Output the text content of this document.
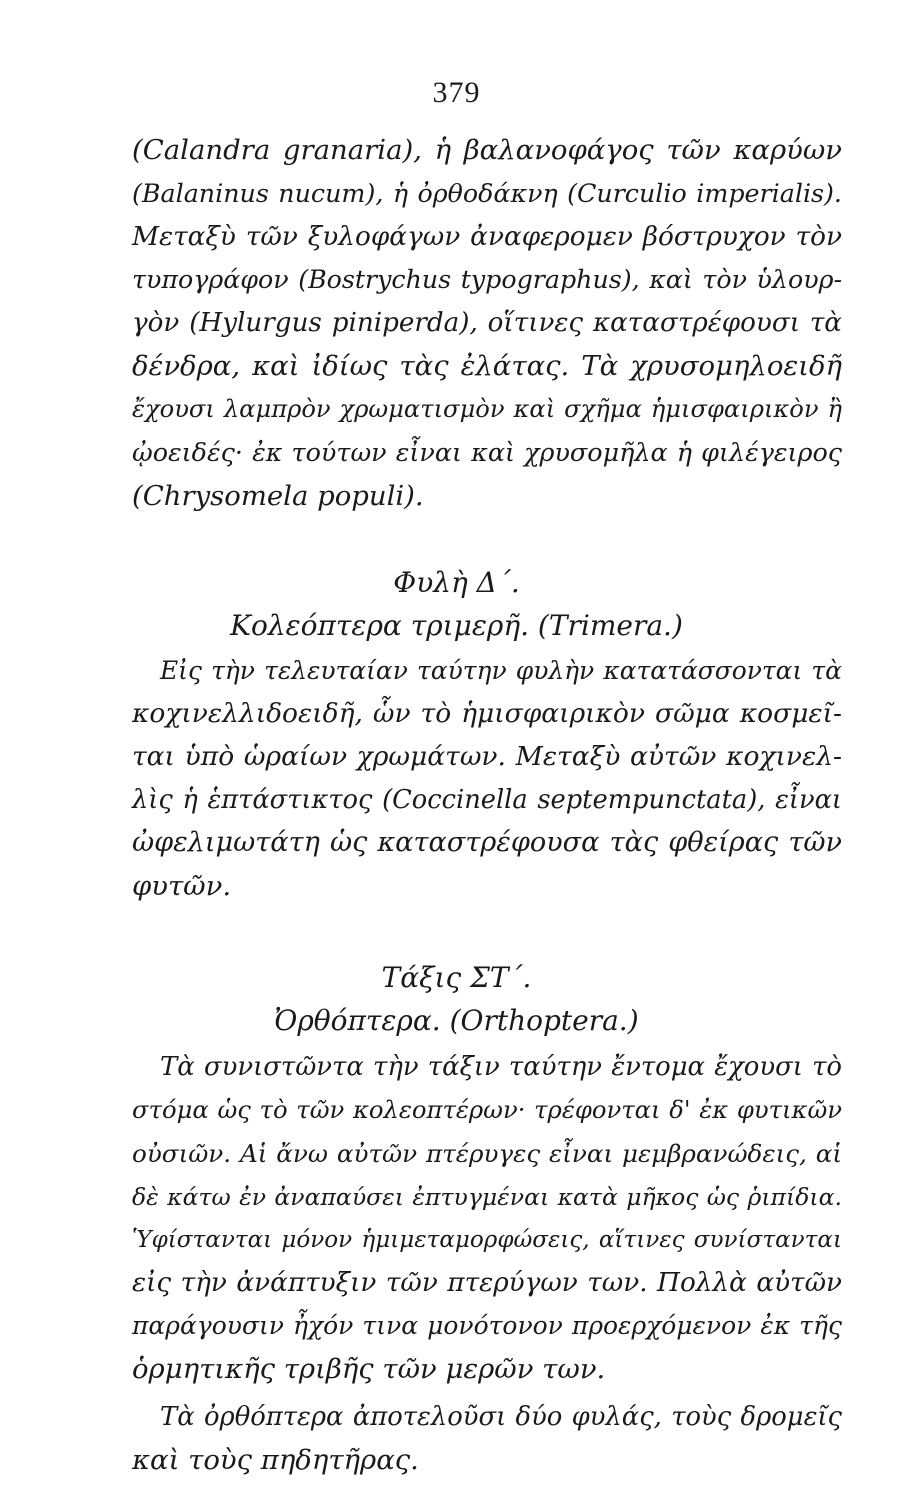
379
(Calandra granaria), ἡ βαλανοφάγος τῶν καρύων
(Balaninus nucum), ἡ ὀρθοδάκνη (Curculio imperialis).
Μεταξὺ τῶν ξυλοφάγων ἀναφερομεν βόστρυχον τὸν
τυπογράφον (Bostrychus typographus), καὶ τὸν ὑλουρ-
γὸν (Hylurgus piniperda), οἵτινες καταστρέφουσι τὰ
δένδρα, καὶ ἰδίως τὰς ἐλάτας. Τὰ χρυσομηλοειδῆ
ἔχουσι λαμπρὸν χρωματισμὸν καὶ σχῆμα ἡμισφαιρικὸν ἢ
ᾠοειδές· ἐκ τούτων εἶναι καὶ χρυσομῆλα ἡ φιλέγειρος
(Chrysomela populi).
Φυλὴ Δ΄.
Κολεόπτερα τριμερῆ. (Trimera.)
Εἰς τὴν τελευταίαν ταύτην φυλὴν κατατάσσονται τὰ
κοχινελλιδοειδῆ, ὧν τὸ ἡμισφαιρικὸν σῶμα κοσμεῖ-
ται ὑπὸ ὡραίων χρωμάτων. Μεταξὺ αὐτῶν κοχινελ-
λὶς ἡ ἑπτάστικτος (Coccinella septempunctata), εἶναι
ὠφελιμωτάτη ὡς καταστρέφουσα τὰς φθείρας τῶν
φυτῶν.
Τάξις ΣΤ΄.
Ὀρθόπτερα. (Orthoptera.)
Τὰ συνιστῶντα τὴν τάξιν ταύτην ἔντομα ἔχουσι τὸ
στόμα ὡς τὸ τῶν κολεοπτέρων· τρέφονται δ' ἐκ φυτικῶν
οὐσιῶν. Αἱ ἄνω αὐτῶν πτέρυγες εἶναι μεμβρανώδεις, αἱ
δὲ κάτω ἐν ἀναπαύσει ἐπτυγμέναι κατὰ μῆκος ὡς ῥιπίδια.
Ὑφίστανται μόνον ἡμιμεταμορφώσεις, αἵτινες συνίστανται
εἰς τὴν ἀνάπτυξιν τῶν πτερύγων των. Πολλὰ αὐτῶν
παράγουσιν ἦχόν τινα μονότονον προερχόμενον ἐκ τῆς
ὁρμητικῆς τριβῆς τῶν μερῶν των.
Τὰ ὀρθόπτερα ἀποτελοῦσι δύο φυλάς, τοὺς δρομεῖς
καὶ τοὺς πηδητῆρας.
